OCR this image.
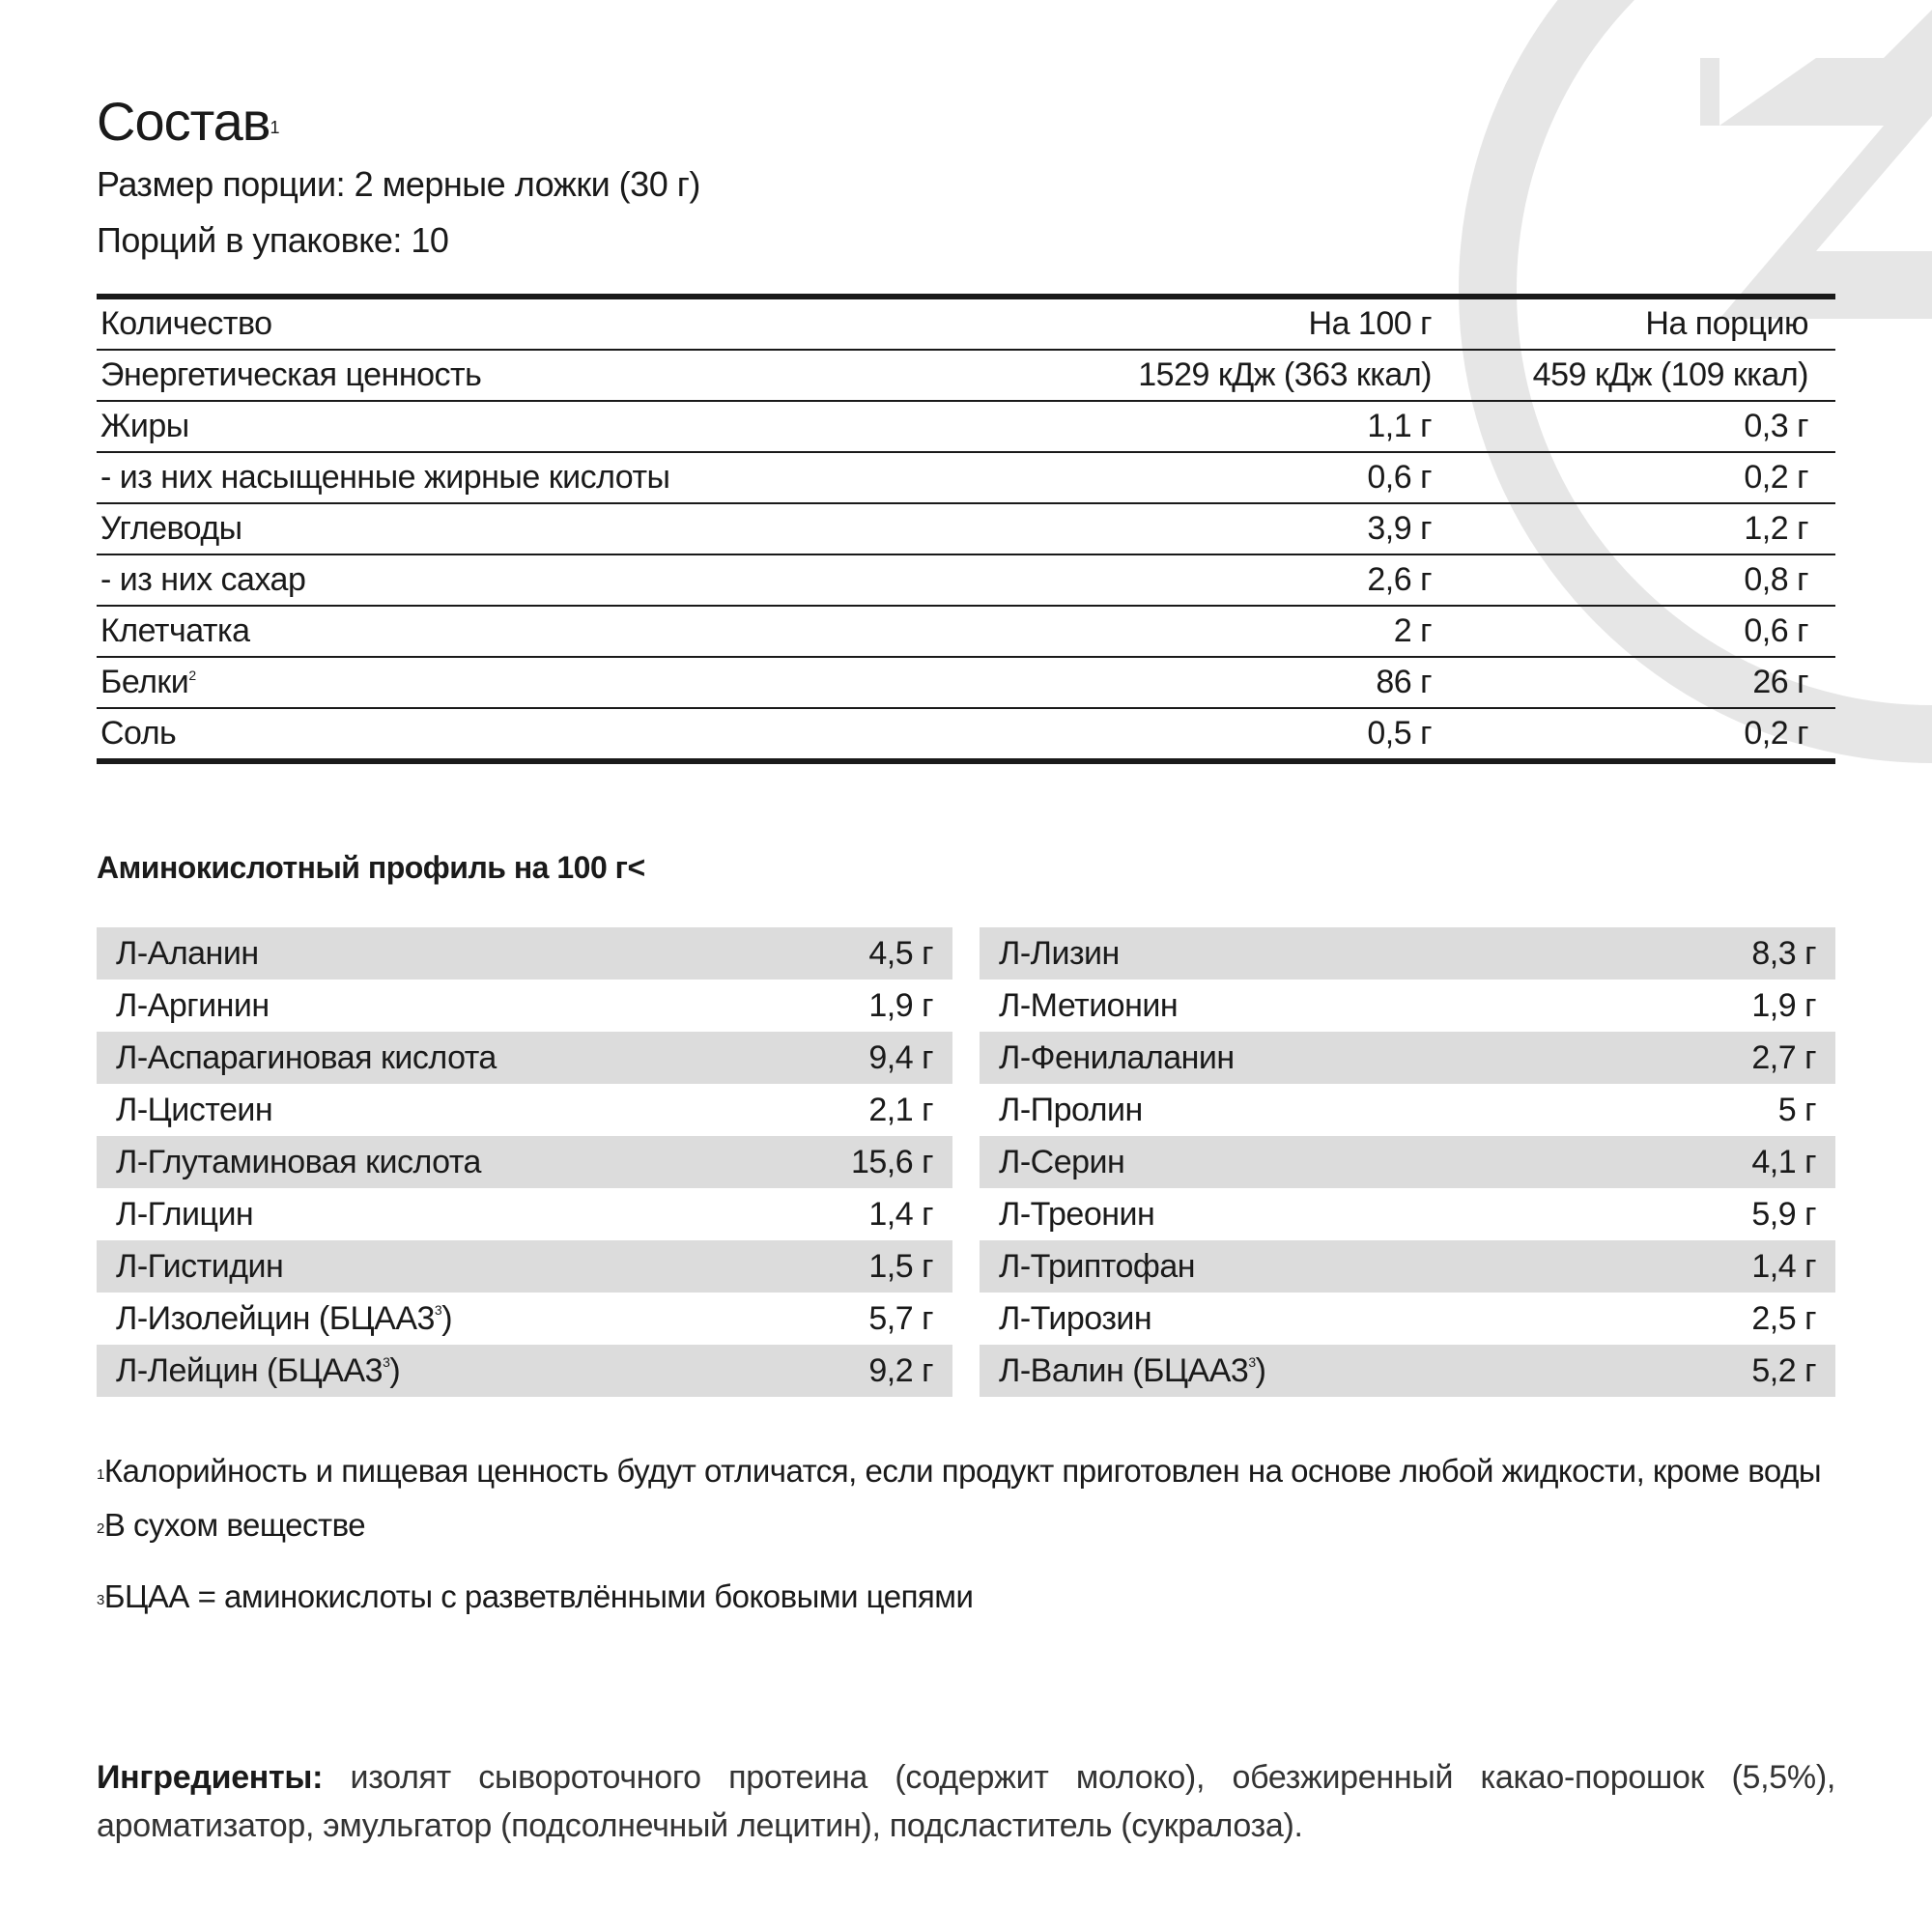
Состав$^1$
Размер порции: 2 мерные ложки (30 г)
Порций в упаковке: 10
Количество	На 100 г	На порцию
Энергетическая ценность	1529 кДж (363 ккал)	459 кДж (109 ккал)
Жиры	1,1 г	0,3 г
- из них насыщенные жирные кислоты	0,6 г	0,2 г
Углеводы	3,9 г	1,2 г
- из них сахар	2,6 г	0,8 г
Клетчатка	2 г	0,6 г
Белки$^2$	86 г	26 г
Соль	0,5 г	0,2 г
Аминокислотный профиль на 100 г<
Л-Аланин	4,5 г
Л-Аргинин	1,9 г
Л-Аспарагиновая кислота	9,4 г
Л-Цистеин	2,1 г
Л-Глутаминовая кислота	15,6 г
Л-Глицин	1,4 г
Л-Гистидин	1,5 г
Л-Изолейцин $(БЦАА3^3)$	5,7 г
Л-Лейцин $(БЦАА3^3)$	9,2 г
Л-Лизин	8,3 г
Л-Метионин	1,9 г
Л-Фенилаланин	2,7 г
Л-Пролин	5 г
Л-Серин	4,1 г
Л-Треонин	5,9 г
Л-Триптофан	1,4 г
Л-Тирозин	2,5 г
Л-Валин $(БЦАА3^3)$	5,2 г
$^1$Калорийность и пищевая ценность будут отличатся, если продукт приготовлен на основе любой жидкости, кроме воды
$^2$В сухом веществе
$^3$БЦАА = аминокислоты с разветвлёнными боковыми цепями
Ингредиенты: изолят сывороточного протеина (содержит молоко), обезжиренный какао-порошок (5,5%), ароматизатор, эмульгатор (подсолнечный лецитин), подсластитель (сукралоза).
